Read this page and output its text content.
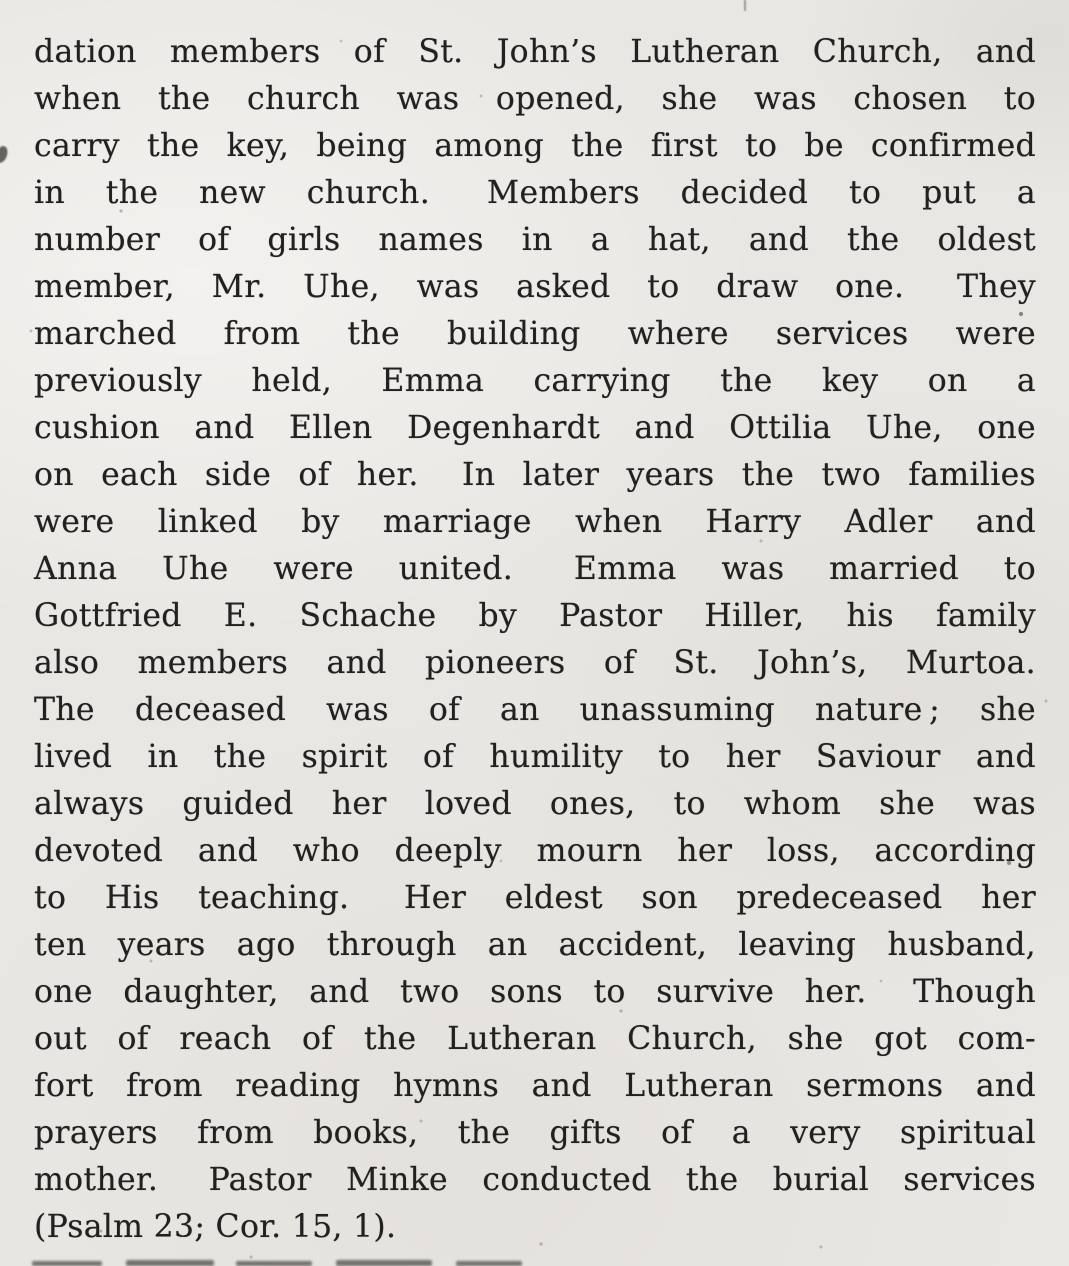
dation members of St. John’s Lutheran Church, and
when the church was opened, she was chosen to
carry the key, being among the first to be confirmed
in the new church.  Members decided to put a
number of girls names in a hat, and the oldest
member, Mr. Uhe, was asked to draw one.  They
marched from the building where services were
previously held, Emma carrying the key on a
cushion and Ellen Degenhardt and Ottilia Uhe, one
on each side of her.  In later years the two families
were linked by marriage when Harry Adler and
Anna Uhe were united.  Emma was married to
Gottfried E. Schache by Pastor Hiller, his family
also members and pioneers of St. John’s, Murtoa.
The deceased was of an unassuming nature ; she
lived in the spirit of humility to her Saviour and
always guided her loved ones, to whom she was
devoted and who deeply mourn her loss, according
to His teaching.  Her eldest son predeceased her
ten years ago through an accident, leaving husband,
one daughter, and two sons to survive her.  Though
out of reach of the Lutheran Church, she got com-
fort from reading hymns and Lutheran sermons and
prayers from books, the gifts of a very spiritual
mother.  Pastor Minke conducted the burial services
(Psalm 23; Cor. 15, 1).
